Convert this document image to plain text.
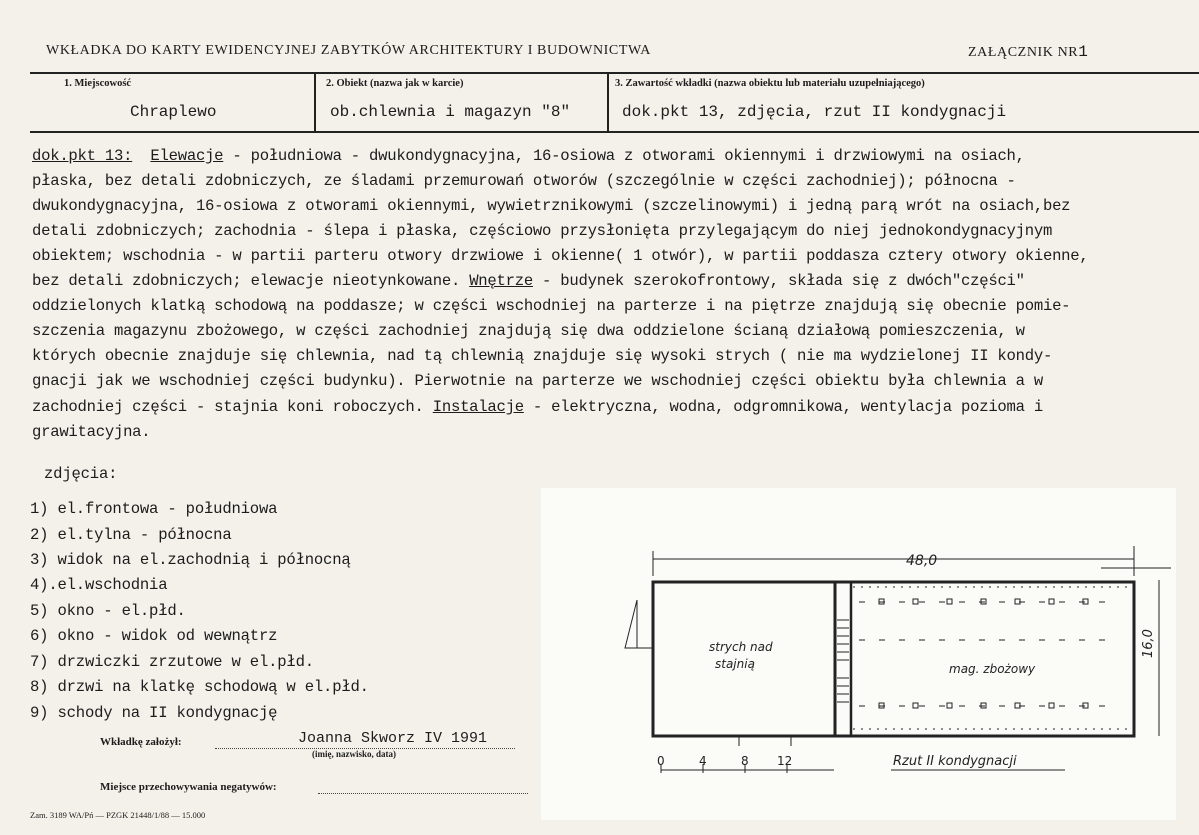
WKŁADKA DO KARTY EWIDENCYJNEJ ZABYTKÓW ARCHITEKTURY I BUDOWNICTWA	ZAŁĄCZNIK NR1
1. Miejscowość
Chraplewo
2. Obiekt (nazwa jak w karcie)
ob.chlewnia i magazyn "8"
3. Zawartość wkładki (nazwa obiektu lub materiału uzupełniającego)
dok.pkt 13, zdjęcia, rzut II kondygnacji
dok.pkt 13: Elewacje - południowa - dwukondygnacyjna, 16-osiowa z otworami okiennymi i drzwiowymi na osiach,
płaska, bez detali zdobniczych, ze śladami przemurowań otworów (szczególnie w części zachodniej); północna -
dwukondygnacyjna, 16-osiowa z otworami okiennymi, wywietrznikowymi (szczelinowymi) i jedną parą wrót na osiach,bez
detali zdobniczych; zachodnia - ślepa i płaska, częściowo przysłonięta przylegającym do niej jednokondygnacyjnym
obiektem; wschodnia - w partii parteru otwory drzwiowe i okienne( 1 otwór), w partii poddasza cztery otwory okienne,
bez detali zdobniczych; elewacje nieotynkowane. Wnętrze - budynek szerokofrontowy, składa się z dwóch"części"
oddzielonych klatką schodową na poddasze; w części wschodniej na parterze i na piętrze znajdują się obecnie pomie-
szczenia magazynu zbożowego, w części zachodniej znajdują się dwa oddzielone ścianą działową pomieszczenia, w
których obecnie znajduje się chlewnia, nad tą chlewnią znajduje się wysoki strych ( nie ma wydzielonej II kondy-
gnacji jak we wschodniej części budynku). Pierwotnie na parterze we wschodniej części obiektu była chlewnia a w
zachodniej części - stajnia koni roboczych. Instalacje - elektryczna, wodna, odgromnikowa, wentylacja pozioma i
grawitacyjna.
zdjęcia:
1) el.frontowa - południowa
2) el.tylna - północna
3) widok na el.zachodnią i północną
4).el.wschodnia
5) okno - el.płd.
6) okno - widok od wewnątrz
7) drzwiczki zrzutowe w el.płd.
8) drzwi na klatkę schodową w el.płd.
9) schody na II kondygnację
Wkładkę założył:	Joanna Skworz IV 1991
(imię, nazwisko, data)
Miejsce przechowywania negatywów:
Zam. 3189 WA/Pń — PZGK 21448/1/88 — 15.000
48,0
16,0
strych nad
stajnią	mag. zbożowy
0	4	8 12	Rzut II kondygnacji
